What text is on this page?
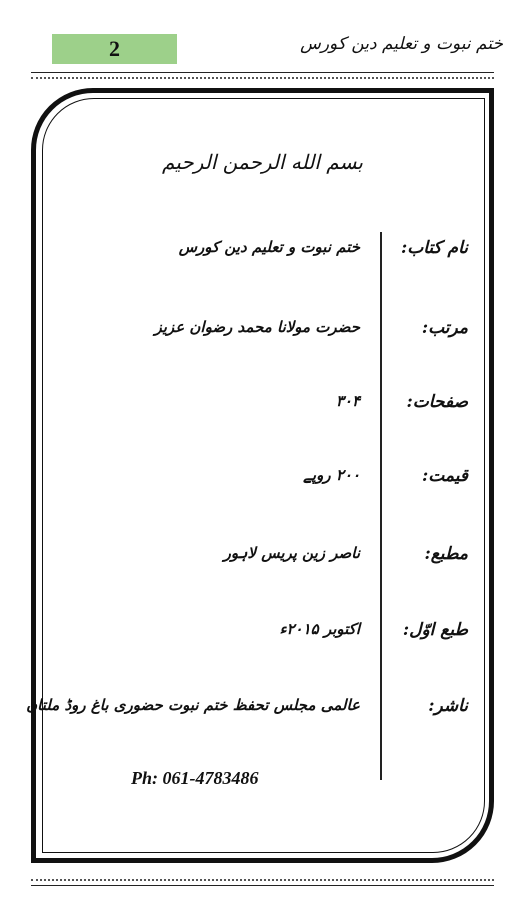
2	ختم نبوت و تعلیم دین کورس
بسم الله الرحمن الرحیم
نام کتاب:
ختم نبوت و تعلیم دین کورس
مرتب:
حضرت مولانا محمد رضوان عزیز
صفحات:
۳۰۴
قیمت:
۲۰۰ روپے
مطبع:
ناصر زین پریس لاہور
طبع اوّل:
اکتوبر ۲۰۱۵ء
ناشر:
عالمی مجلس تحفظ ختم نبوت حضوری باغ روڈ ملتان
Ph: 061-4783486
